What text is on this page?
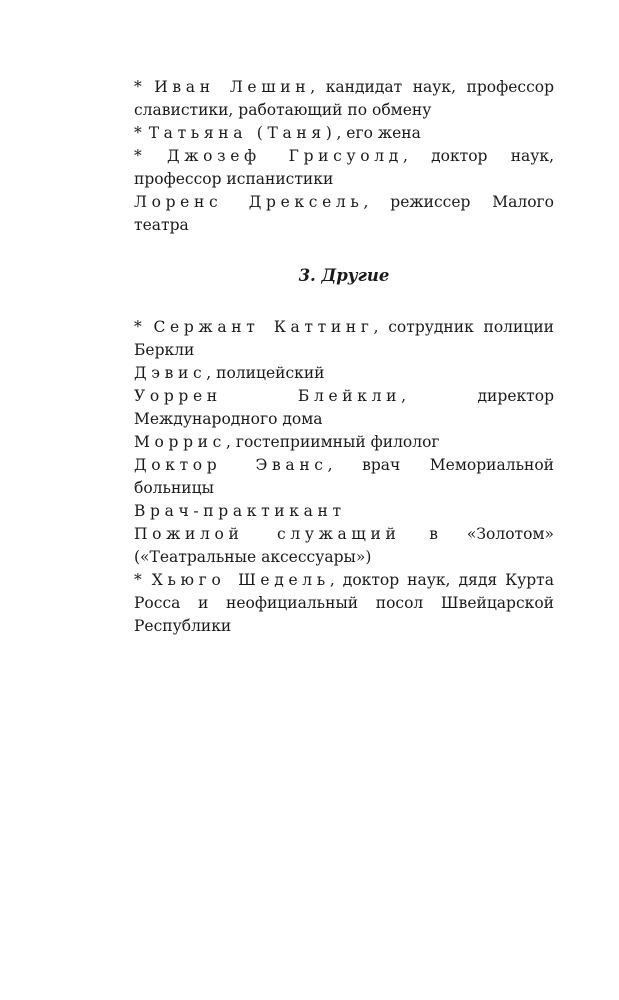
* Иван Лешин, кандидат наук, профессор славистики, работающий по обмену

* Татьяна (Таня), его жена

* Джозеф Грисуолд, доктор наук, профессор испанистики

Лоренс Дрексель, режиссер Малого театра

3. Другие

* Сержант Каттинг, сотрудник полиции Беркли

Дэвис, полицейский

Уоррен Блейкли, директор Международного дома

Моррис, гостеприимный филолог

Доктор Эванс, врач Мемориальной больницы

Врач-практикант

Пожилой служащий в «Золотом» («Театральные аксессуары»)

* Хьюго Шедель, доктор наук, дядя Курта Росса и неофициальный посол Швейцарской Республики
